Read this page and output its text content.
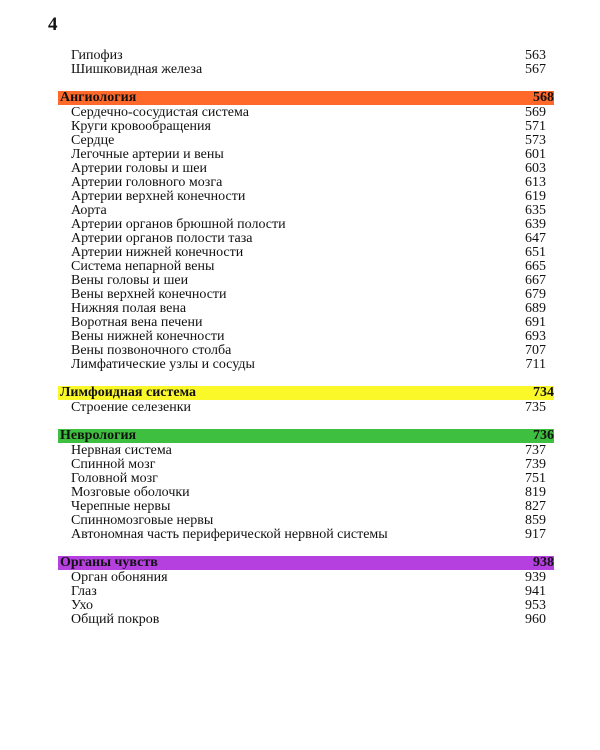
4
Гипофиз	563
Шишковидная железа	567
Ангиология	568
Сердечно-сосудистая система	569
Круги кровообращения	571
Сердце	573
Легочные артерии и вены	601
Артерии головы и шеи	603
Артерии головного мозга	613
Артерии верхней конечности	619
Аорта	635
Артерии органов брюшной полости	639
Артерии органов полости таза	647
Артерии нижней конечности	651
Система непарной вены	665
Вены головы и шеи	667
Вены верхней конечности	679
Нижняя полая вена	689
Воротная вена печени	691
Вены нижней конечности	693
Вены позвоночного столба	707
Лимфатические узлы и сосуды	711
Лимфоидная система	734
Строение селезенки	735
Неврология	736
Нервная система	737
Спинной мозг	739
Головной мозг	751
Мозговые оболочки	819
Черепные нервы	827
Спинномозговые нервы	859
Автономная часть периферической нервной системы	917
Органы чувств	938
Орган обоняния	939
Глаз	941
Ухо	953
Общий покров	960
